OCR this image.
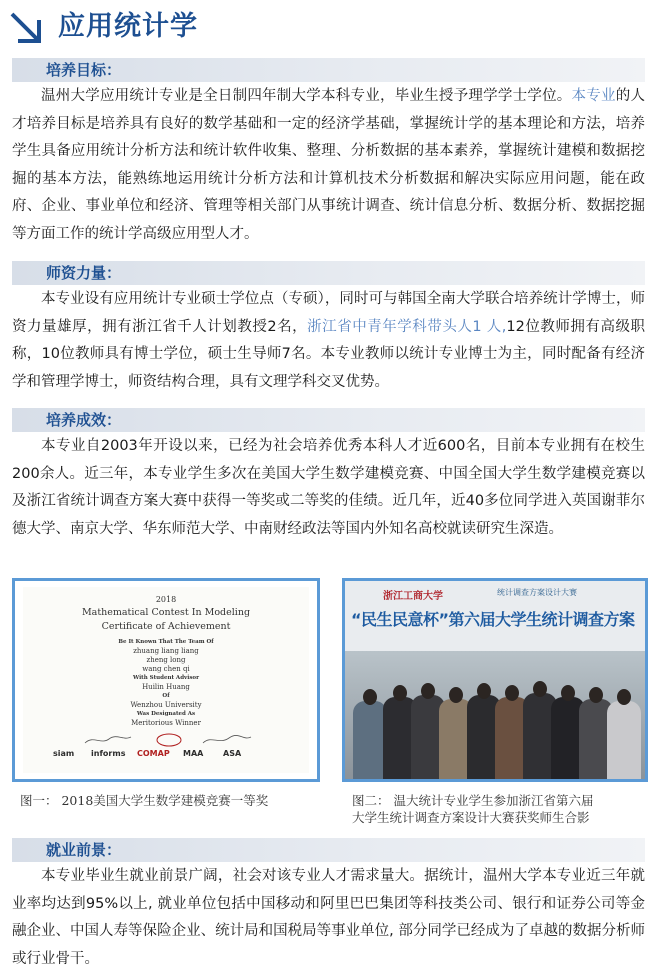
应用统计学
培养目标：

温州大学应用统计专业是全日制四年制大学本科专业，毕业生授予理学学士学位。本专业的人才培养目标是培养具有良好的数学基础和一定的经济学基础，掌握统计学的基本理论和方法，培养学生具备应用统计分析方法和统计软件收集、整理、分析数据的基本素养，掌握统计建模和数据挖掘的基本方法，能熟练地运用统计分析方法和计算机技术分析数据和解决实际应用问题，能在政府、企业、事业单位和经济、管理等相关部门从事统计调查、统计信息分析、数据分析、数据挖掘等方面工作的统计学高级应用型人才。

师资力量：

本专业设有应用统计专业硕士学位点（专硕），同时可与韩国全南大学联合培养统计学博士，师资力量雄厚，拥有浙江省千人计划教授2名，浙江省中青年学科带头人1 人,12位教师拥有高级职称，10位教师具有博士学位，硕士生导师7名。本专业教师以统计专业博士为主，同时配备有经济学和管理学博士，师资结构合理，具有文理学科交叉优势。

培养成效：

本专业自2003年开设以来，已经为社会培养优秀本科人才近600名，目前本专业拥有在校生200余人。近三年，本专业学生多次在美国大学生数学建模竞赛、中国全国大学生数学建模竞赛以及浙江省统计调查方案大赛中获得一等奖或二等奖的佳绩。近几年，近40多位同学进入英国谢菲尔德大学、南京大学、华东师范大学、中南财经政法等国内外知名高校就读研究生深造。

2018
Mathematical Contest In Modeling
Certificate of Achievement
Be It Known That The Team Of
zhuang liang liang
zheng long
wang chen qi
With Student Advisor
Huilin Huang
Of
Wenzhou University
Was Designated As
Meritorious Winner
siam informs COMAP MAA ASA
图一： 2018美国大学生数学建模竞赛一等奖
浙江工商大学	统计调查方案设计大赛
“民生民意杯”第六届大学生统计调查方案
图二： 温大统计专业学生参加浙江省第六届
大学生统计调查方案设计大赛获奖师生合影
就业前景：

本专业毕业生就业前景广阔，社会对该专业人才需求量大。据统计，温州大学本专业近三年就业率均达到95%以上, 就业单位包括中国移动和阿里巴巴集团等科技类公司、银行和证券公司等金融企业、中国人寿等保险企业、统计局和国税局等事业单位, 部分同学已经成为了卓越的数据分析师或行业骨干。
